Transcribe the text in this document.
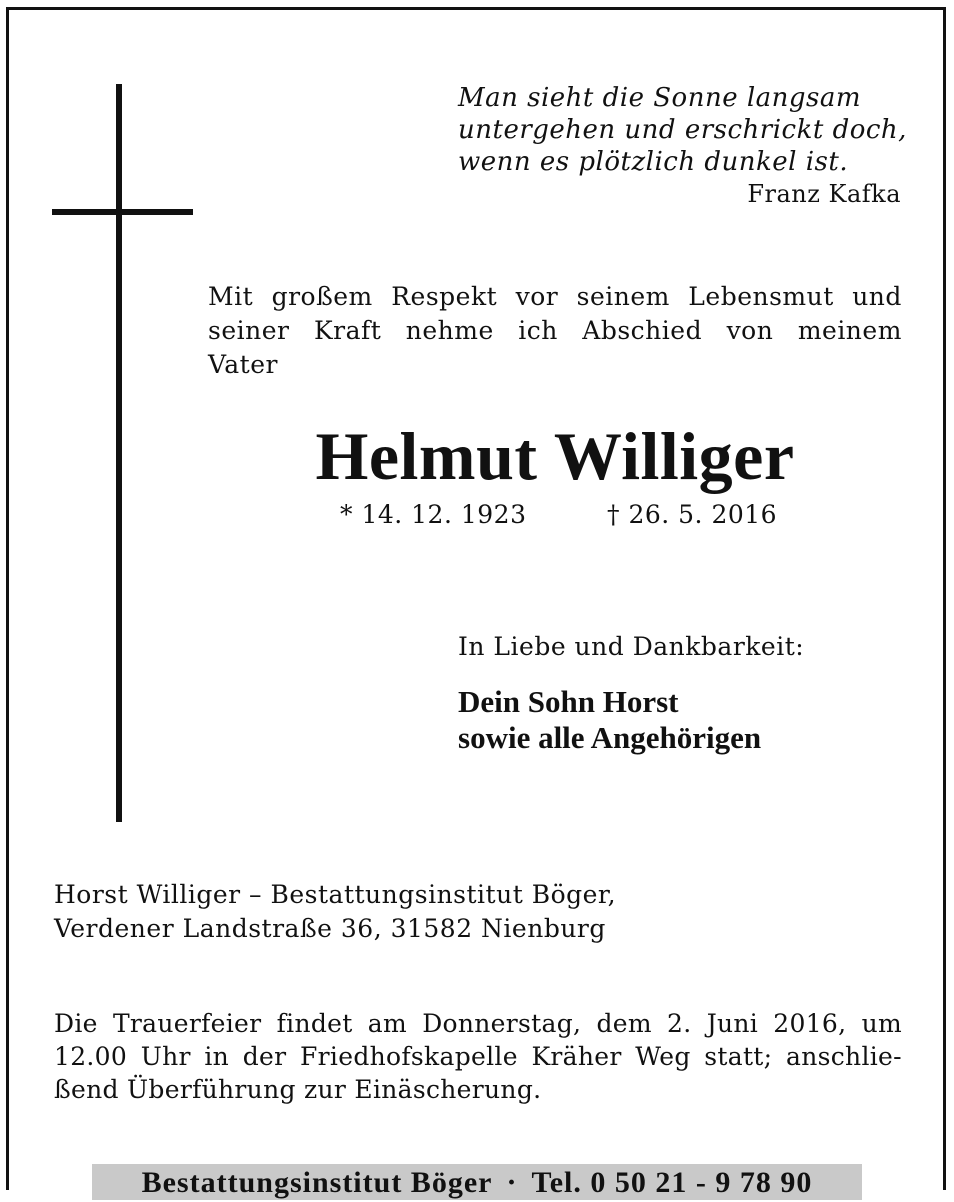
Man sieht die Sonne langsam
untergehen und erschrickt doch,
wenn es plötzlich dunkel ist.
Franz Kafka
Mit großem Respekt vor seinem Lebensmut und
seiner Kraft nehme ich Abschied von meinem
Vater
Helmut Williger
* 14. 12. 1923	† 26. 5. 2016
In Liebe und Dankbarkeit:
Dein Sohn Horst
sowie alle Angehörigen
Horst Williger – Bestattungsinstitut Böger,
Verdener Landstraße 36, 31582 Nienburg
Die Trauerfeier findet am Donnerstag, dem 2. Juni 2016, um
12.00 Uhr in der Friedhofskapelle Kräher Weg statt; anschlie-
ßend Überführung zur Einäscherung.
Bestattungsinstitut Böger · Tel. 0 50 21 - 9 78 90
